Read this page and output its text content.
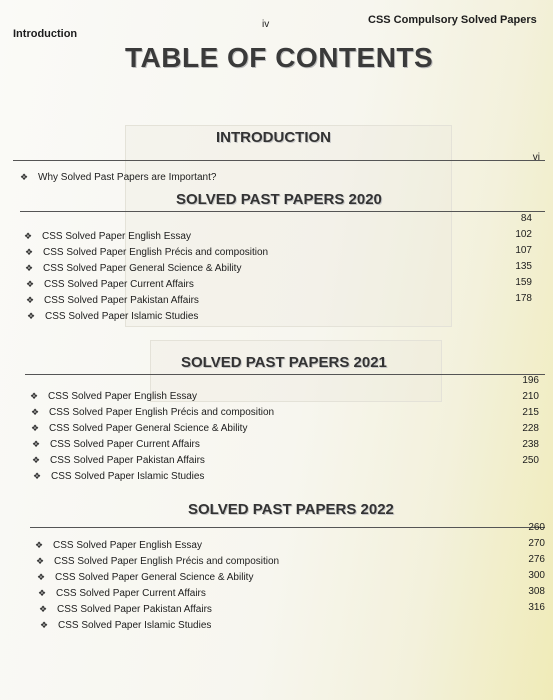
Introduction
iv	CSS Compulsory Solved Papers
TABLE OF CONTENTS
INTRODUCTION
vi
❖ Why Solved Past Papers are Important?
SOLVED PAST PAPERS 2020
84
102
107
135
159
178
❖ CSS Solved Paper English Essay
❖ CSS Solved Paper English Précis and composition
❖ CSS Solved Paper General Science & Ability
❖ CSS Solved Paper Current Affairs
❖ CSS Solved Paper Pakistan Affairs
❖ CSS Solved Paper Islamic Studies
SOLVED PAST PAPERS 2021
196
210
215
228
238
250
❖ CSS Solved Paper English Essay
❖ CSS Solved Paper English Précis and composition
❖ CSS Solved Paper General Science & Ability
❖ CSS Solved Paper Current Affairs
❖ CSS Solved Paper Pakistan Affairs
❖ CSS Solved Paper Islamic Studies
SOLVED PAST PAPERS 2022
260
270
276
300
308
316
❖ CSS Solved Paper English Essay
❖ CSS Solved Paper English Précis and composition
❖ CSS Solved Paper General Science & Ability
❖ CSS Solved Paper Current Affairs
❖ CSS Solved Paper Pakistan Affairs
❖ CSS Solved Paper Islamic Studies
